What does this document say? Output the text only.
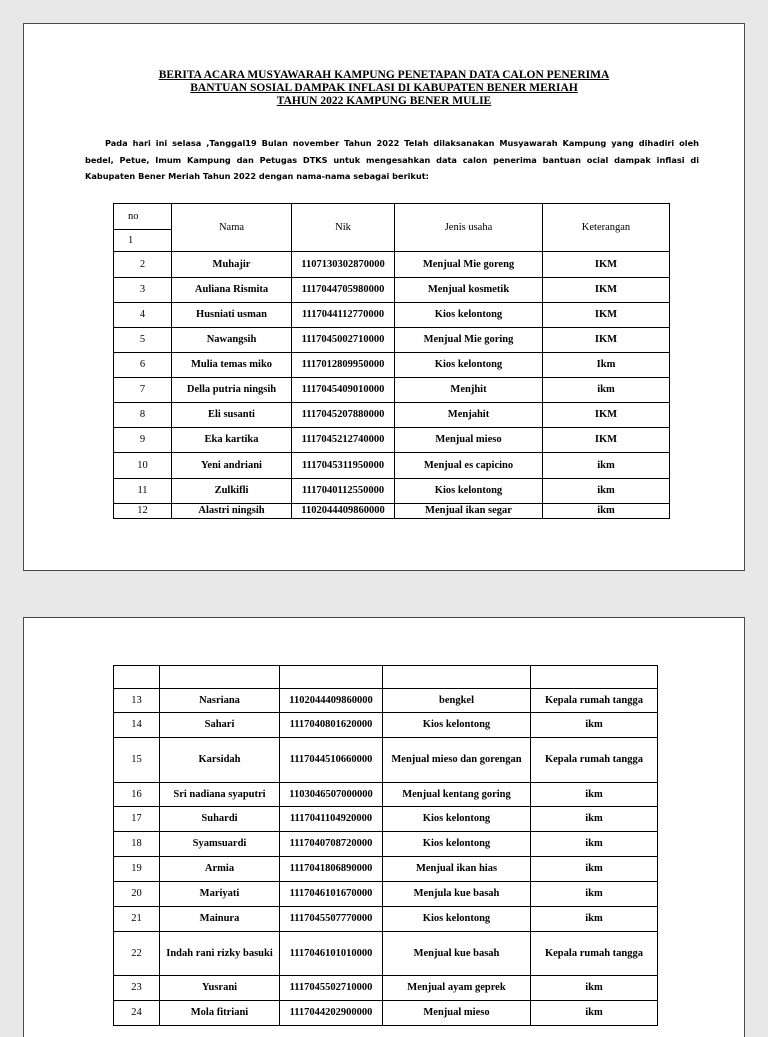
BERITA ACARA MUSYAWARAH KAMPUNG PENETAPAN DATA CALON PENERIMA
BANTUAN SOSIAL DAMPAK INFLASI DI KABUPATEN BENER MERIAH
TAHUN 2022 KAMPUNG BENER MULIE
Pada hari ini selasa ,Tanggal19 Bulan november Tahun 2022 Telah dilaksanakan Musyawarah Kampung yang dihadiri oleh bedel, Petue, Imum Kampung dan Petugas DTKS untuk mengesahkan data calon penerima bantuan ocial dampak inflasi di Kabupaten Bener Meriah Tahun 2022 dengan nama-nama sebagai berikut:
no	Nama	Nik	Jenis usaha	Keterangan
1				
2	Muhajir	1107130302870000	Menjual Mie goreng	IKM
3	Auliana Rismita	1117044705980000	Menjual kosmetik	IKM
4	Husniati usman	1117044112770000	Kios kelontong	IKM
5	Nawangsih	1117045002710000	Menjual Mie goring	IKM
6	Mulia temas miko	1117012809950000	Kios kelontong	Ikm
7	Della putria ningsih	1117045409010000	Menjhit	ikm
8	Eli susanti	1117045207880000	Menjahit	IKM
9	Eka kartika	1117045212740000	Menjual mieso	IKM
10	Yeni andriani	1117045311950000	Menjual es capicino	ikm
11	Zulkifli	1117040112550000	Kios kelontong	ikm
12	Alastri ningsih	1102044409860000	Menjual ikan segar	ikm

13	Nasriana	1102044409860000	bengkel	Kepala rumah tangga
14	Sahari	1117040801620000	Kios kelontong	ikm
15	Karsidah	1117044510660000	Menjual mieso dan gorengan	Kepala rumah tangga
16	Sri nadiana syaputri	1103046507000000	Menjual kentang goring	ikm
17	Suhardi	1117041104920000	Kios kelontong	ikm
18	Syamsuardi	1117040708720000	Kios kelontong	ikm
19	Armia	1117041806890000	Menjual ikan hias	ikm
20	Mariyati	1117046101670000	Menjula kue basah	ikm
21	Mainura	1117045507770000	Kios kelontong	ikm
22	Indah rani rizky basuki	1117046101010000	Menjual kue basah	Kepala rumah tangga
23	Yusrani	1117045502710000	Menjual ayam geprek	ikm
24	Mola fitriani	1117044202900000	Menjual mieso	ikm
